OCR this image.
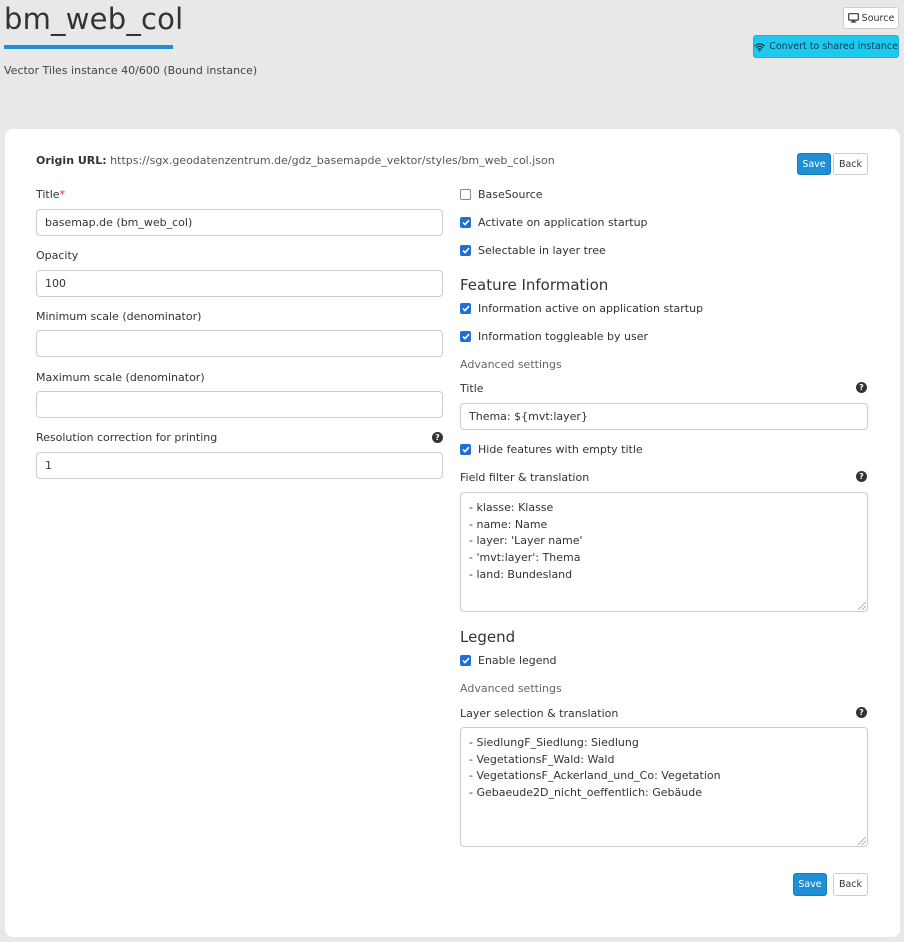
bm_web_col
Vector Tiles instance 40/600 (Bound instance)
Source
Convert to shared instance
Origin URL: https://sgx.geodatenzentrum.de/gdz_basemapde_vektor/styles/bm_web_col.json	Save	Back
Title*
basemap.de (bm_web_col)
Opacity
100
Minimum scale (denominator)
Maximum scale (denominator)
Resolution correction for printing	?
1
BaseSource
Activate on application startup
Selectable in layer tree
Feature Information
Information active on application startup
Information toggleable by user
Advanced settings
Title	?
Thema: ${mvt:layer}
Hide features with empty title
Field filter & translation	?
- klasse: Klasse
- name: Name
- layer: 'Layer name'
- 'mvt:layer': Thema
- land: Bundesland
Legend
Enable legend
Advanced settings
Layer selection & translation	?
- SiedlungF_Siedlung: Siedlung
- VegetationsF_Wald: Wald
- VegetationsF_Ackerland_und_Co: Vegetation
- Gebaeude2D_nicht_oeffentlich: Gebäude
Save	Back
